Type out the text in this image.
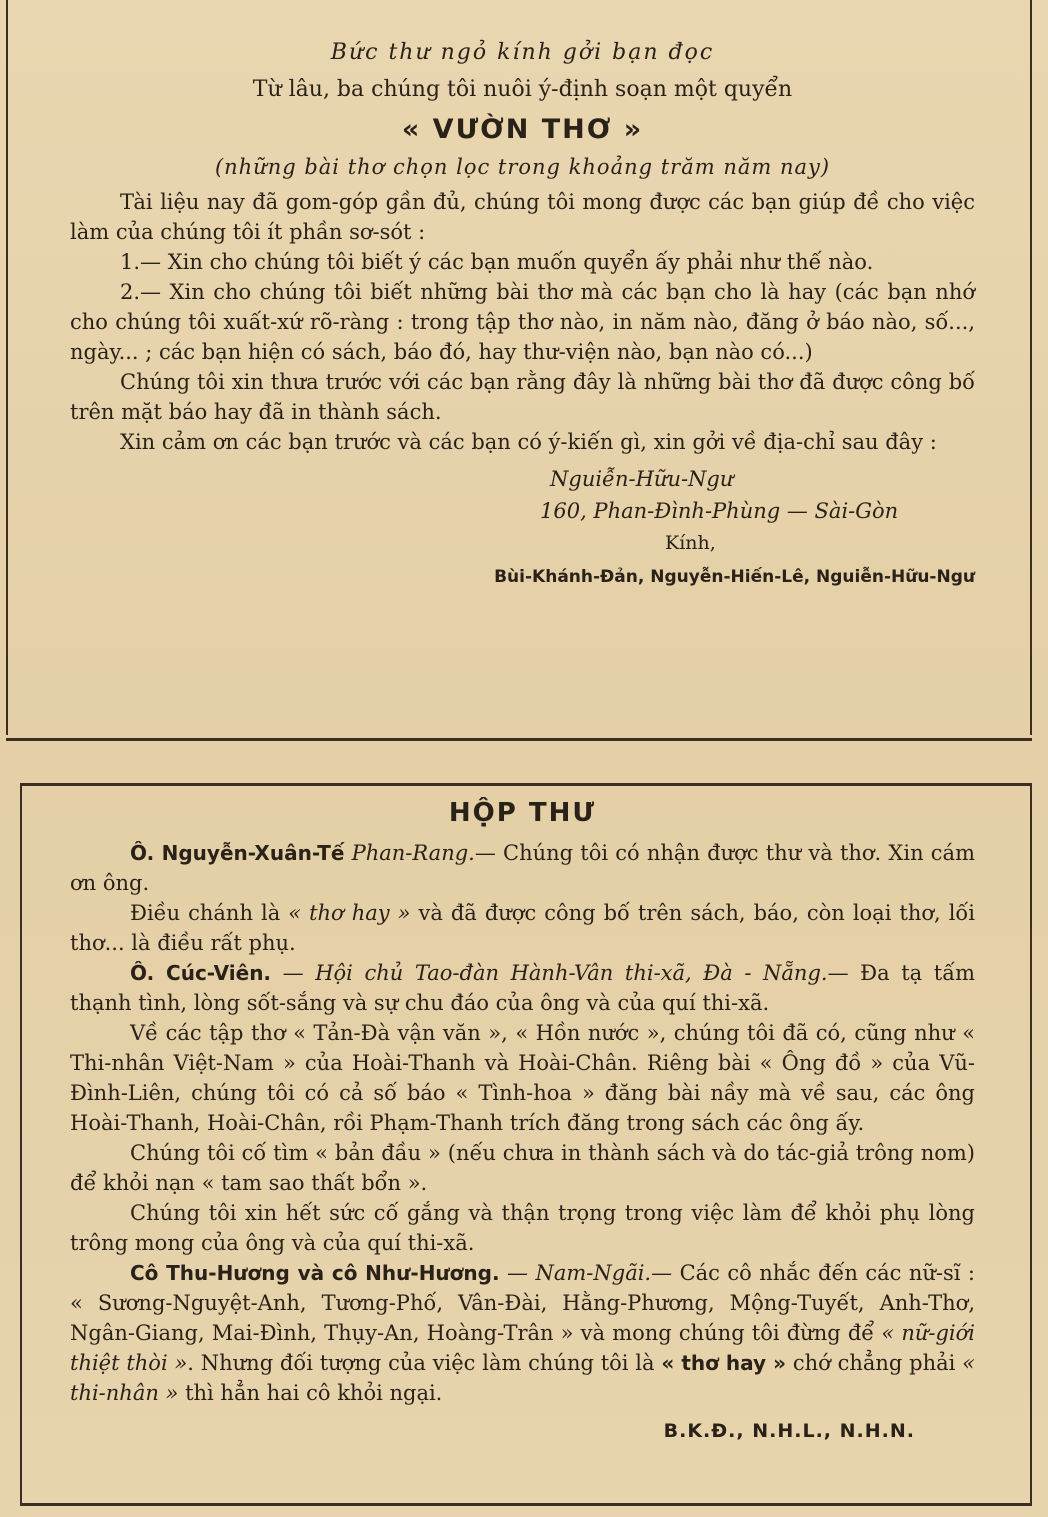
Bức thư ngỏ kính gởi bạn đọc
Từ lâu, ba chúng tôi nuôi ý-định soạn một quyển
« VƯỜN THƠ »
(những bài thơ chọn lọc trong khoảng trăm năm nay)

Tài liệu nay đã gom-góp gần đủ, chúng tôi mong được các bạn giúp đề cho việc làm của chúng tôi ít phần sơ-sót :

1.— Xin cho chúng tôi biết ý các bạn muốn quyển ấy phải như thế nào.

2.— Xin cho chúng tôi biết những bài thơ mà các bạn cho là hay (các bạn nhớ cho chúng tôi xuất-xứ rõ-ràng : trong tập thơ nào, in năm nào, đăng ở báo nào, số..., ngày... ; các bạn hiện có sách, báo đó, hay thư-viện nào, bạn nào có...)

Chúng tôi xin thưa trước với các bạn rằng đây là những bài thơ đã được công bố trên mặt báo hay đã in thành sách.

Xin cảm ơn các bạn trước và các bạn có ý-kiến gì, xin gởi về địa-chỉ sau đây :

Nguiễn-Hữu-Ngư
160, Phan-Đình-Phùng — Sài-Gòn
Kính,
Bùi-Khánh-Đản, Nguyễn-Hiến-Lê, Nguiễn-Hữu-Ngư
HỘP THƯ

Ô. Nguyễn-Xuân-Tế Phan-Rang.— Chúng tôi có nhận được thư và thơ. Xin cám ơn ông.

Điều chánh là « thơ hay » và đã được công bố trên sách, báo, còn loại thơ, lối thơ... là điều rất phụ.

Ô. Cúc-Viên. — Hội chủ Tao-đàn Hành-Vân thi-xã, Đà - Nẵng.— Đa tạ tấm thạnh tình, lòng sốt-sắng và sự chu đáo của ông và của quí thi-xã.

Về các tập thơ « Tản-Đà vận văn », « Hồn nước », chúng tôi đã có, cũng như « Thi-nhân Việt-Nam » của Hoài-Thanh và Hoài-Chân. Riêng bài « Ông đồ » của Vũ-Đình-Liên, chúng tôi có cả số báo « Tình-hoa » đăng bài nầy mà về sau, các ông Hoài-Thanh, Hoài-Chân, rồi Phạm-Thanh trích đăng trong sách các ông ấy.

Chúng tôi cố tìm « bản đầu » (nếu chưa in thành sách và do tác-giả trông nom) để khỏi nạn « tam sao thất bổn ».

Chúng tôi xin hết sức cố gắng và thận trọng trong việc làm để khỏi phụ lòng trông mong của ông và của quí thi-xã.

Cô Thu-Hương và cô Như-Hương. — Nam-Ngãi.— Các cô nhắc đến các nữ-sĩ : « Sương-Nguyệt-Anh, Tương-Phố, Vân-Đài, Hằng-Phương, Mộng-Tuyết, Anh-Thơ, Ngân-Giang, Mai-Đình, Thụy-An, Hoàng-Trân » và mong chúng tôi đừng để « nữ-giới thiệt thòi ». Nhưng đối tượng của việc làm chúng tôi là « thơ hay » chớ chẳng phải « thi-nhân » thì hẳn hai cô khỏi ngại.

B.K.Đ., N.H.L., N.H.N.
